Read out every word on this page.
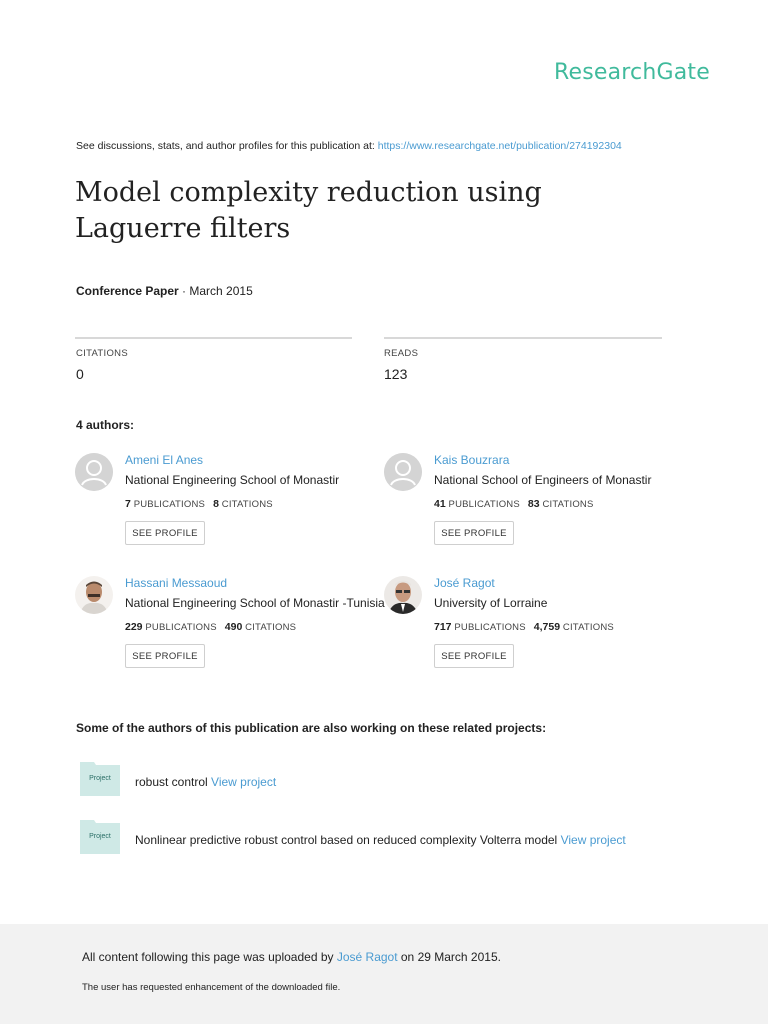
ResearchGate
See discussions, stats, and author profiles for this publication at: https://www.researchgate.net/publication/274192304
Model complexity reduction using Laguerre filters
Conference Paper · March 2015
CITATIONS
0
READS
123
4 authors:
Ameni El Anes
National Engineering School of Monastir
7 PUBLICATIONS 8 CITATIONS
SEE PROFILE
Kais Bouzrara
National School of Engineers of Monastir
41 PUBLICATIONS 83 CITATIONS
SEE PROFILE
Hassani Messaoud
National Engineering School of Monastir -Tunisia
229 PUBLICATIONS 490 CITATIONS
SEE PROFILE
José Ragot
University of Lorraine
717 PUBLICATIONS 4,759 CITATIONS
SEE PROFILE
Some of the authors of this publication are also working on these related projects:
Project	robust control View project
Project	Nonlinear predictive robust control based on reduced complexity Volterra model View project
All content following this page was uploaded by José Ragot on 29 March 2015.
The user has requested enhancement of the downloaded file.
